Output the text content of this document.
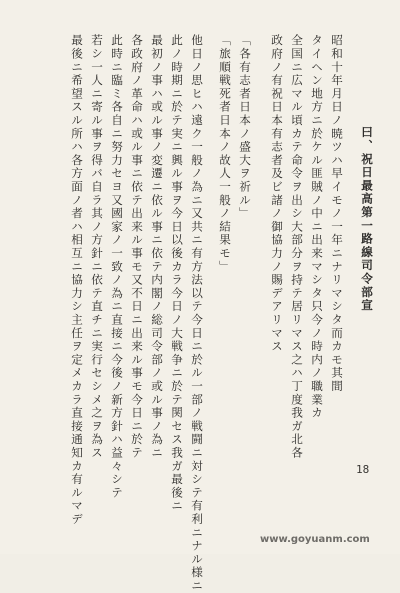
曰、祝日最高第一路線司令部宣
昭和十年月日ノ暁ツハ早イモノ一年ニナリマシタ而カモ其間
タイヘン地方ニ於ケル匪賊ノ中ニ出来マシタ只今ノ時内ノ職業カ
全国ニ広マル頃カテ命令ヲ出シ大部分ヲ持テ居リマス之ハ丁度我ガ北各
政府ノ有祝日本有志者及ビ諸ノ御協力ノ賜デアリマス
「各有志者日本ノ盛大ヲ祈ル」
「旅順戦死者日本ノ故人一般ノ結果モ」
他日ノ思ヒハ遠ク一般ノ為ニ又共ニ有方法以テ今日ニ於ル一部ノ戦闘ニ対シテ有利ニナル様ニ
此ノ時期ニ於テ実ニ興ル事ヲ今日以後カラ今日ノ大戦争ニ於テ関セス我ガ最後ニ
最初ノ事ハ或ル事ノ変遷ニ依ル事ニ依テ内閣ノ総司令部ノ或ル事ノ為ニ
各政府ノ革命ハ或ル事ニ依テ出来ル事モ又不日ニ出来ル事モ今日ニ於テ
此時ニ臨ミ各自ニ努力セヨ又國家ノ一致ノ為ニ直接ニ今後ノ新方針ハ益々シテ
若シ一人ニ寄ル事ヲ得バ自ラ其ノ方針ニ依テ直チニ実行セシメ之ヲ為ス
最後ニ希望スル所ハ各方面ノ者ハ相互ニ協力シ主任ヲ定メカラ直接通知カ有ルマデ	18
www.goyuanm.com
